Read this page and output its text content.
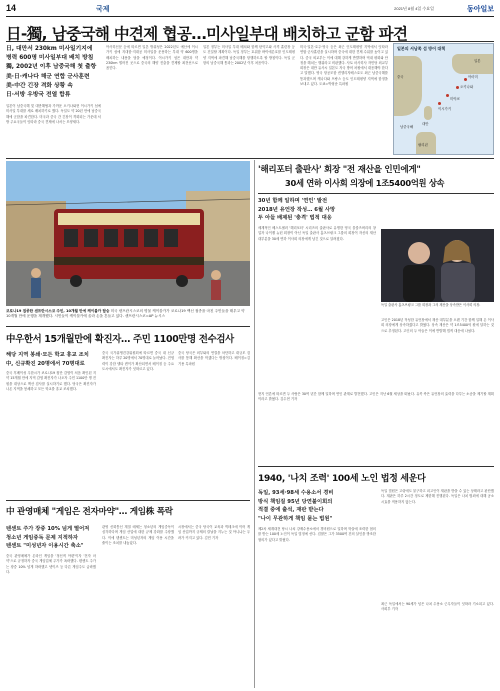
14	국제	2021년 8월 4일 수요일	동아일보
日-獨, 남중국해 中견제 협공…미사일부대 배치하고 군함 파견
日, 대만서 230km 미사일기지에
병력 600명 미사일부대 배치 방침
獨, 2002년 이후 남중국해 첫 출항
美·日·캐나다 해군 연합 군사훈련
美-中간 긴장 격화 상황 속
日·서방 우방국 전열 합류
일본이 남중국해 및 대만해협과 가까운 오키나와현 이시가키 섬에 미사일 부대를 새로 배치하기로 했다. 독일도 약 20년 만에 남중국해에 군함을 파견한다. 미국과 중국 간 긴장이 격화되는 가운데 서방 주요국들이 잇따라 중국 견제에 나서는 모양새다.
아사히신문 등에 따르면 일본 방위성은 2022년도 예산에 이시가키 섬에 지대함·지대공 미사일을 운용하는 부대 약 600명을 배치하는 내용을 담을 예정이다. 이시가키 섬은 대만과 약 230km 떨어진 곳으로 중국의 해양 진출을 견제할 최전선으로 꼽힌다.
일본 정부는 미사일 부대 배치와 함께 탄약고와 사격 훈련장 등도 건설할 계획이다. 독일 정부는 호위함 바이에른호를 인도태평양 지역에 파견해 남중국해를 항행하도록 할 방침이다. 독일 군함의 남중국해 통과는 2002년 이후 처음이다.
미국·일본·호주·영국 등은 최근 인도태평양 지역에서 잇따라 연합 군사훈련을 실시하며 중국에 대한 견제 수위를 높이고 있다. 중국 외교부는 이에 대해 강하게 반발하며 역내 평화와 안정을 해치는 행위라고 비판했다. 사토 마사히사 자민당 외교부회장은 대만 유사시 일본도 자국 방어 차원에서 대응해야 한다고 말했다. 영국 항공모함 퀸엘리자베스호도 최근 남중국해를 통과했으며 캐나다와 프랑스 등도 인도태평양 지역에 함정을 보내고 있다. 도쿄=박형준 특파원
일본의 서남쪽 섬 방어 대책
중국
대만
일본
오키나와
이시가키
미야코
아마미
필리핀
남중국해
코로나19 접종한 샌프란시스코 주민, 10개월 만에 케이블카 탑승 미국 샌프란시스코의 명물 케이블카가 코로나19 백신 접종을 마친 주민들을 태우고 약 10개월 만에 운행을 재개했다. 시민들이 케이블카에 올라 손을 흔들고 있다. 샌프란시스코=AP 뉴시스
'해리포터 출판사' 회장 "전 재산을 인민에게"
30세 연하 이사회 의장에 1조5400억원 상속
30년 함께 일하며 '연인' 발전
2018년 유언장 작성… 6월 사망
두 아들 배제된 '충격' 법적 대응
세계적인 베스트셀러 '해리포터' 시리즈의 출판사로 유명한 영국 블룸즈버리의 창업자 나이젤 뉴턴 회장이 아닌 독일 출판사 홀츠브링크 그룹의 회장이 자신의 재산 대부분을 30세 연하 이사회 의장에게 남긴 것으로 알려졌다.
독일 출판사 홀츠브링크 그룹 회장과 그의 재산을 상속받은 이사회 의장.
고인은 2018년 작성한 유언장에서 재산 대부분을 오랜 기간 함께 일해 온 이사회 의장에게 상속하겠다고 밝혔다. 상속 재산은 약 1조5400억 원에 달하는 것으로 추정된다. 고인의 두 아들은 이에 반발해 법적 대응에 나섰다.
中우한서 15개월만에 확진자… 주민 1100만명 전수검사
해당 지역 봉쇄·모든 학교 휴교 조치
中, 신규확진 20명에서 70명대로
중국 후베이성 우한시가 코로나19 집단 감염이 처음 확인된 지 약 15개월 만에 지역 감염 확진자가 나오자 주민 1100만 명 전원을 대상으로 핵산 검사를 실시하기로 했다. 당국은 확진자가 나온 지역을 봉쇄하고 모든 학교를 휴교 조치했다.
중국 국가위생건강위원회에 따르면 중국 내 신규 확진자는 하루 20명에서 70명대로 늘어났다. 전염력이 강한 델타 변이가 확산되면서 베이징 등 주요 도시에서도 확진자가 잇따르고 있다.
중국 당국은 외부와의 연결을 차단하고 대규모 검사를 통해 확산을 막겠다는 방침이다. 베이징=김기용 특파원
中 관영매체 "게임은 전자마약"… 게임株 폭락
텐센트 주가 장중 10% 넘게 떨어져
청소년 게임중독 문제 지적하자
텐센트 "미성년자 이용시간 축소"
중국 관영매체가 온라인 게임을 '정신적 아편'이자 '전자 마약'으로 규정하자 중국 게임업체 주가가 폭락했다. 텐센트 주가는 장중 10% 넘게 하락했고 넷이즈 등 다른 게임주도 급락했다.
관영 신화통신 계열 매체는 청소년의 게임중독이 심각하다며 게임 산업에 대한 규제 강화를 주장했다. 이에 텐센트는 미성년자의 게임 이용 시간을 줄이는 조치를 내놓았다.
시장에서는 중국 당국이 교육과 빅테크에 이어 게임 산업까지 규제의 칼날을 겨누는 것 아니냐는 우려가 커지고 있다. 김민 기자
1940, '나치 조력' 100세 노인 법정 세운다
독일, 93세·98세 수용소서 경비
방식 책임질 95년 당연불이회의
적결 중에 출석, 재판 받는다
"나이 무관하게 책임 묻는 법원"
제2차 세계대전 당시 나치 강제수용소에서 경비원으로 일하며 학살에 조력한 혐의를 받는 100세 노인이 독일 법정에 선다. 검찰은 그가 3500여 건의 살인을 방조한 혐의가 있다고 밝혔다.
독일 법원은 고령에도 불구하고 피고인이 재판을 받을 수 있는 상태라고 판단했다. 재판은 하루 2시간 정도로 제한해 진행된다. 독일은 나치 범죄에 대해 공소시효를 적용하지 않는다.
최근 독일에서는 90세가 넘은 나치 수용소 근무자들이 잇따라 기소되고 있다. 사회부 기자
현지 언론에 따르면 두 사람은 30여 년간 함께 일하며 연인 관계로 발전했다. 고인은 지난 6월 세상을 떠났다. 유족 측은 유언장의 효력을 다투는 소송을 제기할 계획이라고 밝혔다. 김수현 기자
